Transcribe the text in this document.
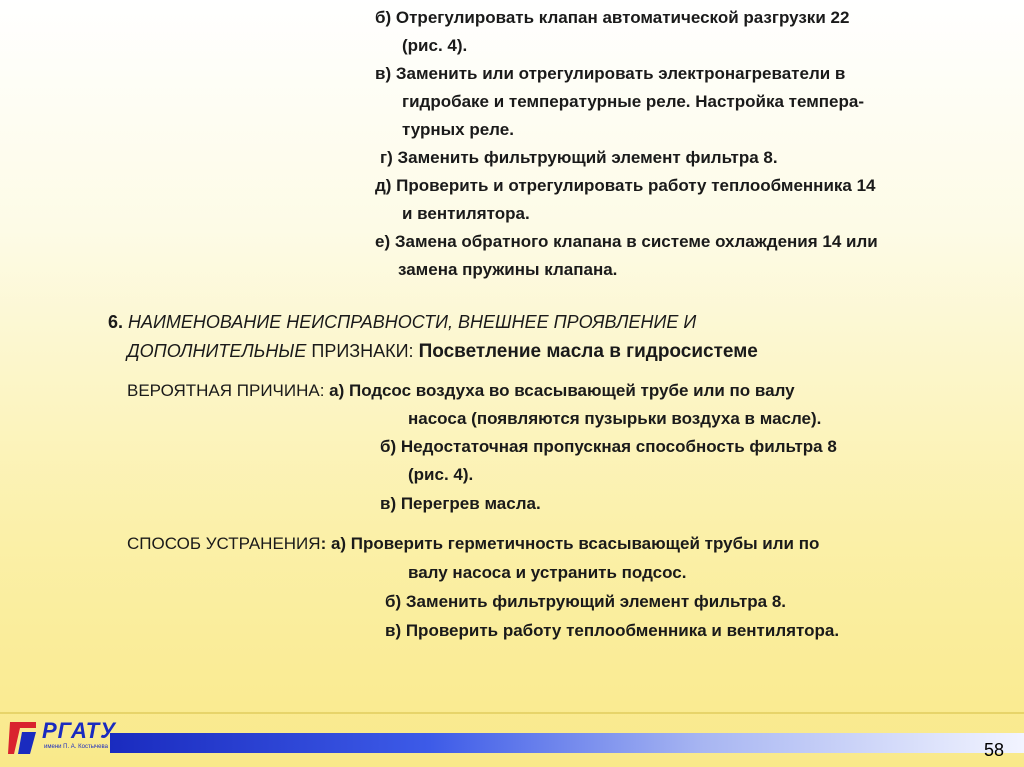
б) Отрегулировать клапан автоматической разгрузки 22
(рис. 4).
в) Заменить или отрегулировать электронагреватели в
гидробаке и температурные реле. Настройка темпера-
турных реле.
г) Заменить фильтрующий элемент фильтра 8.
д) Проверить и отрегулировать работу теплообменника 14
и вентилятора.
е) Замена обратного клапана в системе охлаждения 14 или
замена пружины клапана.
6. НАИМЕНОВАНИЕ НЕИСПРАВНОСТИ, ВНЕШНЕЕ ПРОЯВЛЕНИЕ И
ДОПОЛНИТЕЛЬНЫЕ ПРИЗНАКИ: Посветление масла в гидросистеме
ВЕРОЯТНАЯ ПРИЧИНА: а) Подсос воздуха во всасывающей трубе или по валу
насоса (появляются пузырьки воздуха в масле).
б) Недостаточная пропускная способность фильтра 8
(рис. 4).
в) Перегрев масла.
СПОСОБ УСТРАНЕНИЯ: а) Проверить герметичность всасывающей трубы или по
валу насоса и устранить подсос.
б) Заменить фильтрующий элемент фильтра 8.
в) Проверить работу теплообменника и вентилятора.
РГАТУ
имени П. А. Костычева	58
